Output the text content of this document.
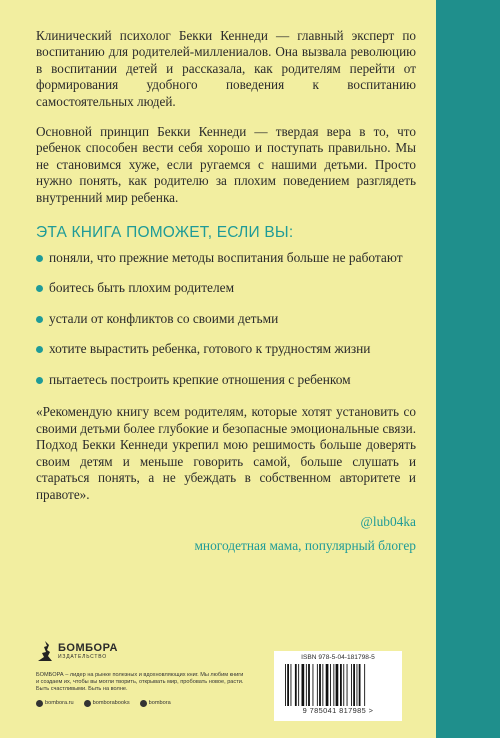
Клинический психолог Бекки Кеннеди — главный эксперт по воспитанию для родителей-миллениалов. Она вызвала революцию в воспитании детей и рассказала, как родителям перейти от формирования удобного поведения к воспитанию самостоятельных людей.

Основной принцип Бекки Кеннеди — твердая вера в то, что ребенок способен вести себя хорошо и поступать правильно. Мы не становимся хуже, если ругаемся с нашими детьми. Просто нужно понять, как родителю за плохим поведением разглядеть внутренний мир ребенка.

ЭТА КНИГА ПОМОЖЕТ, ЕСЛИ ВЫ:
поняли, что прежние методы воспитания больше не работают
боитесь быть плохим родителем
устали от конфликтов со своими детьми
хотите вырастить ребенка, готового к трудностям жизни
пытаетесь построить крепкие отношения с ребенком

«Рекомендую книгу всем родителям, которые хотят установить со своими детьми более глубокие и безопасные эмоциональные связи. Подход Бекки Кеннеди укрепил мою решимость больше доверять своим детям и меньше говорить самой, больше слушать и стараться понять, а не убеждать в собственном авторитете и правоте».

@lub04ka
многодетная мама, популярный блогер
БОМБОРА
ИЗДАТЕЛЬСТВО
БОМБОРА – лидер на рынке полезных и вдохновляющих книг. Мы любим книги и создаем их, чтобы вы могли творить, открывать мир, пробовать новое, расти. Быть счастливыми. Быть на волне.
bombora.ru	bomborabooks	bombora
ISBN 978-5-04-181798-5
9 785041 817985 >
